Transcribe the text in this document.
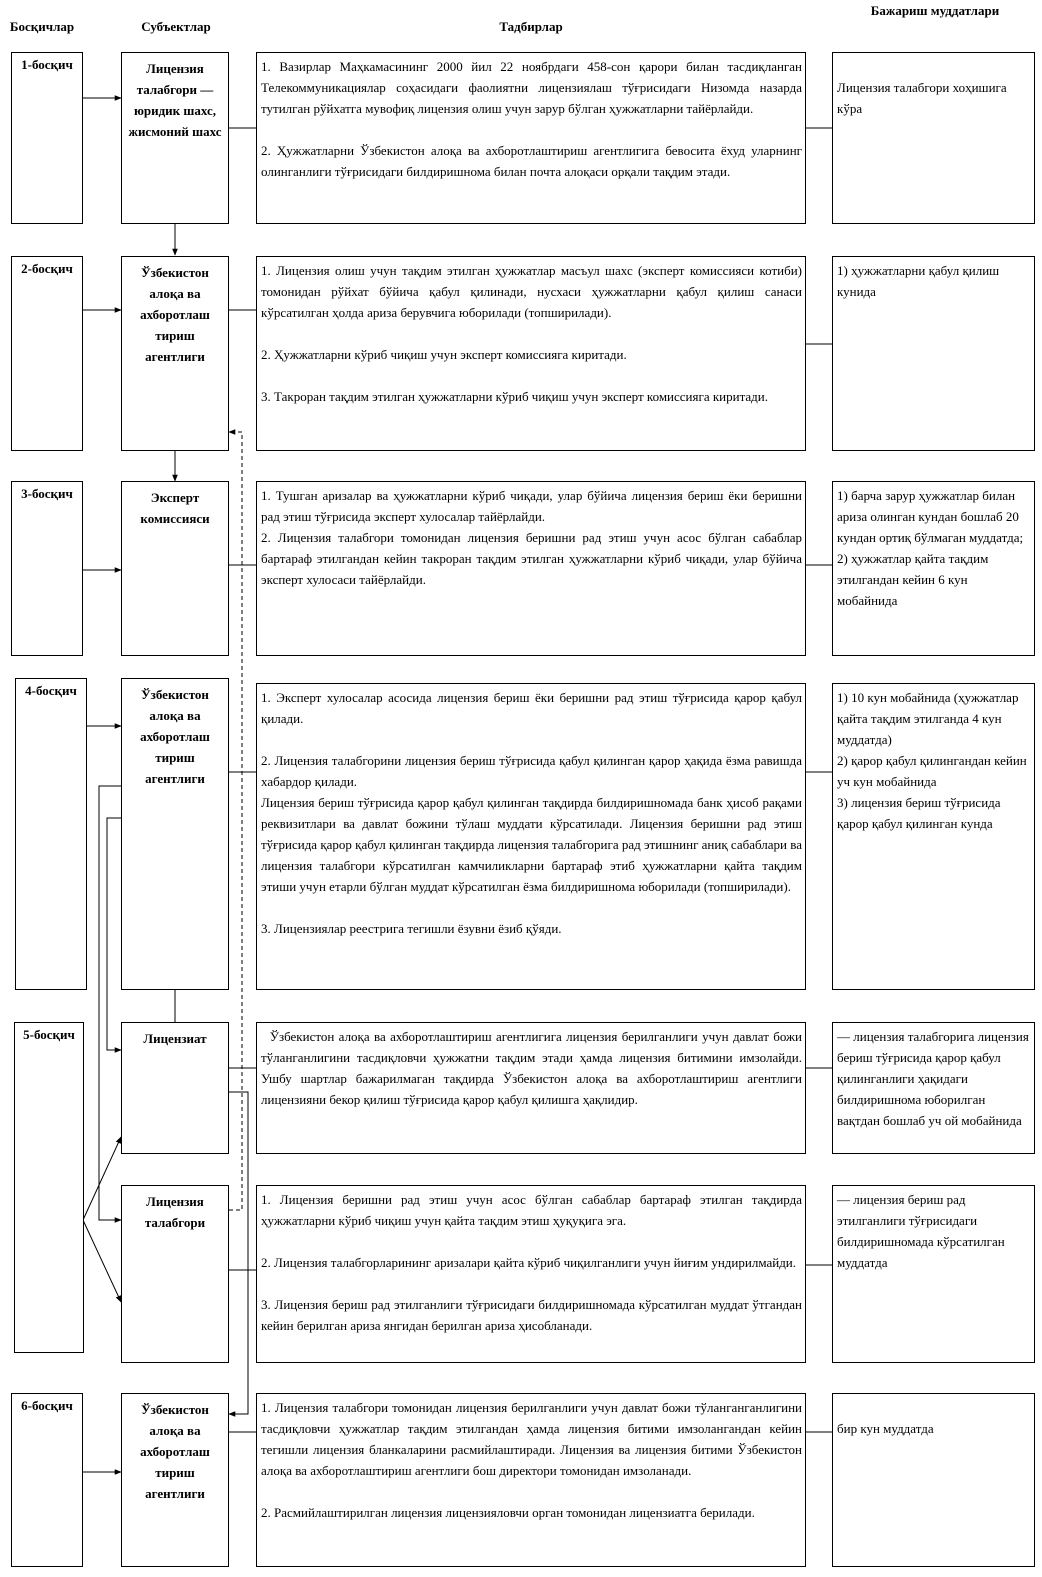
Босқичлар	Субъектлар	Тадбирлар
Бажариш муддатлари
1-босқич
2-босқич
3-босқич
4-босқич
5-босқич
6-босқич
Лицензия талабгори — юридик шахс, жисмоний шахс
Ўзбекистон алоқа ва ахборотлаш тириш агентлиги
Эксперт комиссияси
Ўзбекистон алоқа ва ахборотлаш тириш агентлиги
Лицензиат
Лицензия талабгори
Ўзбекистон алоқа ва ахборотлаш тириш агентлиги

1. Вазирлар Маҳкамасининг 2000 йил 22 ноябрдаги 458-сон қарори билан тасдиқланган Телекоммуникациялар соҳасидаги фаолиятни лицензиялаш тўғрисидаги Низомда назарда тутилган рўйхатга мувофиқ лицензия олиш учун зарур бўлган ҳужжатларни тайёрлайди.

2. Ҳужжатларни Ўзбекистон алоқа ва ахборотлаштириш агентлигига бевосита ёхуд уларнинг олинганлиги тўғрисидаги билдиришнома билан почта алоқаси орқали тақдим этади.

1. Лицензия олиш учун тақдим этилган ҳужжатлар масъул шахс (эксперт комиссияси котиби) томонидан рўйхат бўйича қабул қилинади, нусхаси ҳужжатларни қабул қилиш санаси кўрсатилган ҳолда ариза берувчига юборилади (топширилади).

2. Ҳужжатларни кўриб чиқиш учун эксперт комиссияга киритади.

3. Такроран тақдим этилган ҳужжатларни кўриб чиқиш учун эксперт комиссияга киритади.

1. Тушган аризалар ва ҳужжатларни кўриб чиқади, улар бўйича лицензия бериш ёки беришни рад этиш тўғрисида эксперт хулосалар тайёрлайди.

2. Лицензия талабгори томонидан лицензия беришни рад этиш учун асос бўлган сабаблар бартараф этилгандан кейин такроран тақдим этилган ҳужжатларни кўриб чиқади, улар бўйича эксперт хулосаси тайёрлайди.

1. Эксперт хулосалар асосида лицензия бериш ёки беришни рад этиш тўғрисида қарор қабул қилади.

2. Лицензия талабгорини лицензия бериш тўғрисида қабул қилинган қарор ҳақида ёзма равишда хабардор қилади.

Лицензия бериш тўғрисида қарор қабул қилинган тақдирда билдиришномада банк ҳисоб рақами реквизитлари ва давлат божини тўлаш муддати кўрсатилади. Лицензия беришни рад этиш тўғрисида қарор қабул қилинган тақдирда лицензия талабгорига рад этишнинг аниқ сабаблари ва лицензия талабгори кўрсатилган камчиликларни бартараф этиб ҳужжатларни қайта тақдим этиши учун етарли бўлган муддат кўрсатилган ёзма билдиришнома юборилади (топширилади).

3. Лицензиялар реестрига тегишли ёзувни ёзиб қўяди.

Ўзбекистон алоқа ва ахборотлаштириш агентлигига лицензия берилганлиги учун давлат божи тўланганлигини тасдиқловчи ҳужжатни тақдим этади ҳамда лицензия битимини имзолайди. Ушбу шартлар бажарилмаган тақдирда Ўзбекистон алоқа ва ахборотлаштириш агентлиги лицензияни бекор қилиш тўғрисида қарор қабул қилишга ҳақлидир.

1. Лицензия беришни рад этиш учун асос бўлган сабаблар бартараф этилган тақдирда ҳужжатларни кўриб чиқиш учун қайта тақдим этиш ҳуқуқига эга.

2. Лицензия талабгорларининг аризалари қайта кўриб чиқилганлиги учун йиғим ундирилмайди.

3. Лицензия бериш рад этилганлиги тўғрисидаги билдиришномада кўрсатилган муддат ўтгандан кейин берилган ариза янгидан берилган ариза ҳисобланади.

1. Лицензия талабгори томонидан лицензия берилганлиги учун давлат божи тўланганганлигини тасдиқловчи ҳужжатлар тақдим этилгандан ҳамда лицензия битими имзолангандан кейин тегишли лицензия бланкаларини расмийлаштиради. Лицензия ва лицензия битими Ўзбекистон алоқа ва ахборотлаштириш агентлиги бош директори томонидан имзоланади.

2. Расмийлаштирилган лицензия лицензияловчи орган томонидан лицензиатга берилади.

Лицензия талабгори хоҳишига кўра

1) ҳужжатларни қабул қилиш кунида

1) барча зарур ҳужжатлар билан ариза олинган кундан бошлаб 20 кундан ортиқ бўлмаган муддатда;

2) ҳужжатлар қайта тақдим этилгандан кейин 6 кун мобайнида

1) 10 кун мобайнида (ҳужжатлар қайта тақдим этилганда 4 кун муддатда)

2) қарор қабул қилингандан кейин уч кун мобайнида

3) лицензия бериш тўғрисида қарор қабул қилинган кунда

— лицензия талабгорига лицензия бериш тўғрисида қарор қабул қилинганлиги ҳақидаги билдиришнома юборилган вақтдан бошлаб уч ой мобайнида

— лицензия бериш рад этилганлиги тўғрисидаги билдиришномада кўрсатилган муддатда

бир кун муддатда
